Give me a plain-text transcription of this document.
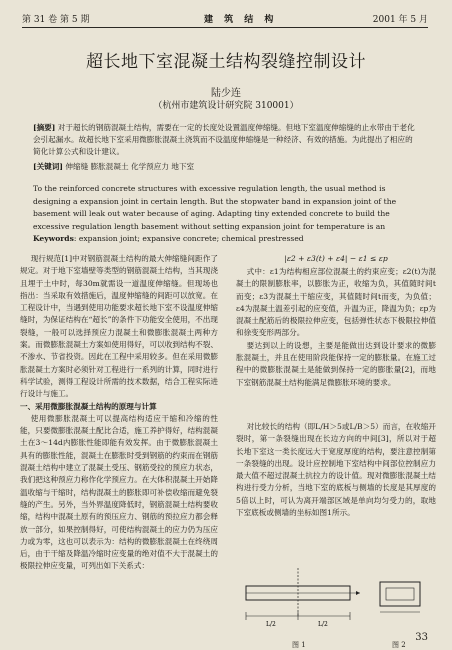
第 31 卷 第 5 期	建 筑 结 构	2001 年 5 月
超长地下室混凝土结构裂缝控制设计
陆少连
（杭州市建筑设计研究院 310001）
[摘要] 对于超长的钢筋混凝土结构，需要在一定的长度处设置温度伸缩缝。但地下室温度伸缩缝的止水带由于老化会引起漏水。故超长地下室采用微膨胀混凝土浇筑而不设温度伸缩缝是一种经济、有效的措施。为此提出了相应的简化计算公式和设计建议。
[关键词] 伸缩缝 膨胀混凝土 化学预应力 地下室
To the reinforced concrete structures with excessive regulation length, the usual method is designing a expansion joint in certain length. But the stopwater band in expansion joint of the basement will leak out water because of aging. Adapting tiny extended concrete to build the excessive regulation length basement without setting expansion joint for temperature is an
Keywords: expansion joint; expansive concrete; chemical prestressed

现行规范[1]中对钢筋混凝土结构的最大伸缩缝间距作了规定。对于地下室墙壁等类型的钢筋混凝土结构，当其现浇且埋于土中时，每30m就需设一道温度伸缩缝。但现场也指出：当采取有效措施后，温度伸缩缝的间距可以放宽。在工程设计中，当遇到使用功能要求超长地下室不设温度伸缩缝时，为保证结构在“超长”的条件下功能安全使用，不出现裂缝，一般可以选择预应力混凝土和微膨胀混凝土两种方案。而微膨胀混凝土方案如使用得好，可以收到结构不裂、不渗水、节省投资。因此在工程中采用较多。但在采用微膨胀混凝土方案时必须针对工程进行一系列的计算，同时进行科学试验，测得工程设计所需的技术数据，结合工程实际进行设计与施工。

一、采用微膨胀混凝土结构的原理与计算

使用微膨胀混凝土可以提高结构适应干缩和冷缩的性能，只要微膨胀混凝土配比合适，施工养护得好，结构混凝土在3～14d内膨胀性能即能有效发挥。由于微膨胀混凝土具有的膨胀性能，混凝土在膨胀时受到钢筋的约束而在钢筋混凝土结构中建立了混凝土受压、钢筋受拉的预应力状态，我们把这种预应力称作化学预应力。在大体积混凝土开始降温收缩与干缩时，结构混凝土的膨胀即可补偿收缩而避免裂缝的产生。另外，当外界温度降低时，钢筋混凝土结构要收缩，结构中混凝土原有的预压应力、钢筋的预拉应力都会释放一部分，如果控制得好，可使结构混凝土的应力仍为压应力或为零，这也可以表示为：结构的微膨胀混凝土在终绕周后，由于干缩及降温冷缩时应变量的绝对值不大于混凝土的极限拉伸应变量，可列出如下关系式：

|ε2 + ε3(t) + ε4| − ε1 ≤ εp

式中：ε1为结构相应部位混凝土的约束应变；ε2(t)为混凝土的限制膨胀率，以膨胀为正，收缩为负，其值随时间t而变；ε3为混凝土干缩应变，其值随时间t而变，为负值；ε4为混凝土温差引起的应变值，升温为正，降温为负；εp为混凝土配筋后的极限拉伸应变，包括弹性状态下极限拉伸值和徐变变形两部分。

要达到以上的设想，主要是能做出达到设计要求的微膨胀混凝土，并且在使用阶段能保持一定的膨胀量。在施工过程中的微膨胀混凝土是能做到保持一定的膨胀量[2]，而地下室钢筋混凝土结构能满足微膨胀环境的要求。

对比较长的结构（即L/H＞5或L/B＞5）而言，在收缩开裂时，第一条裂缝出现在长边方向的中间[3]，所以对于超长地下室这一类长度远大于宽度厚度的结构，要注意控制第一条裂缝的出现。设计应控制地下室结构中间部位控制应力最大值不超过混凝土抗拉力的设计值。现对微膨胀混凝土结构进行受力分析，当地下室的底板与侧墙的长度是其厚度的5倍以上时，可认为离开端部区域是单向均匀受力的，取地下室底板或侧墙的坐标如图1所示。

L/2	L/2
图 1	图 2
33
